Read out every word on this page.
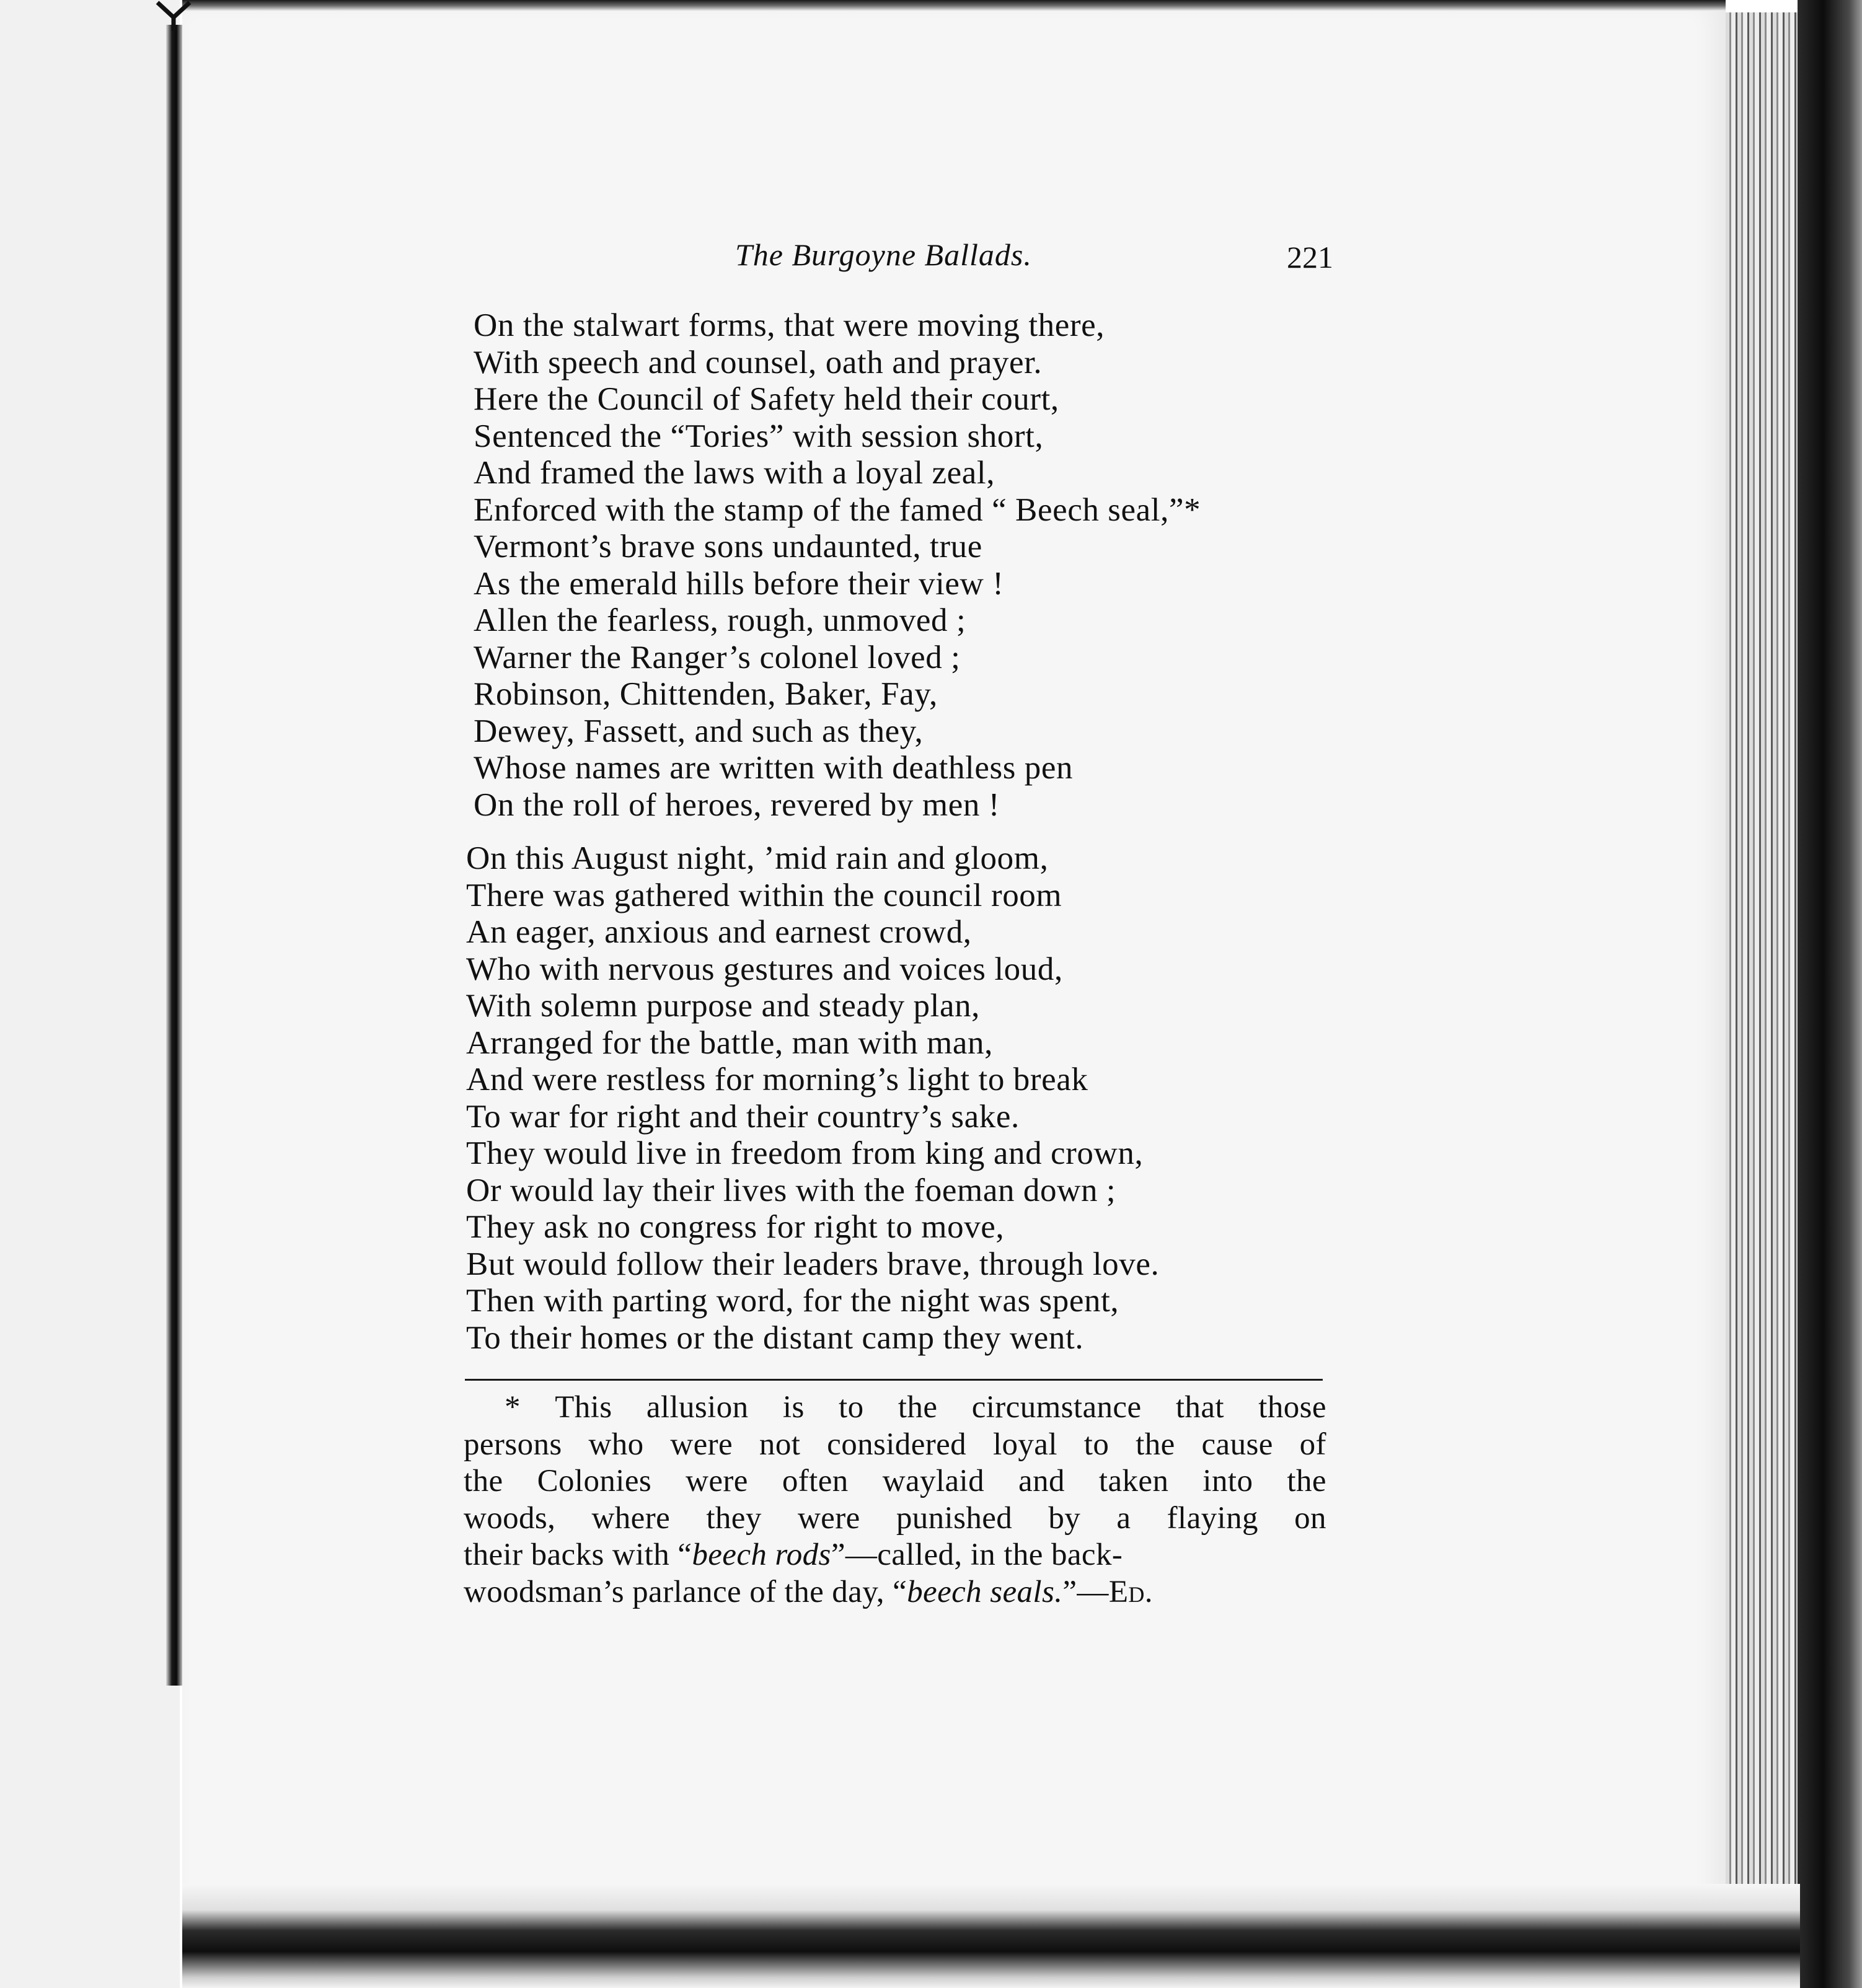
The Burgoyne Ballads.	221
On the stalwart forms, that were moving there,
With speech and counsel, oath and prayer.
Here the Council of Safety held their court,
Sentenced the “Tories” with session short,
And framed the laws with a loyal zeal,
Enforced with the stamp of the famed “ Beech seal,”*
Vermont’s brave sons undaunted, true
As the emerald hills before their view !
Allen the fearless, rough, unmoved ;
Warner the Ranger’s colonel loved ;
Robinson, Chittenden, Baker, Fay,
Dewey, Fassett, and such as they,
Whose names are written with deathless pen
On the roll of heroes, revered by men !
On this August night, ’mid rain and gloom,
There was gathered within the council room
An eager, anxious and earnest crowd,
Who with nervous gestures and voices loud,
With solemn purpose and steady plan,
Arranged for the battle, man with man,
And were restless for morning’s light to break
To war for right and their country’s sake.
They would live in freedom from king and crown,
Or would lay their lives with the foeman down ;
They ask no congress for right to move,
But would follow their leaders brave, through love.
Then with parting word, for the night was spent,
To their homes or the distant camp they went.
* This allusion is to the circumstance that those
persons who were not considered loyal to the cause of
the Colonies were often waylaid and taken into the
woods, where they were punished by a flaying on
their backs with “beech rods”—called, in the back-
woodsman’s parlance of the day, “beech seals.”—Ed.
